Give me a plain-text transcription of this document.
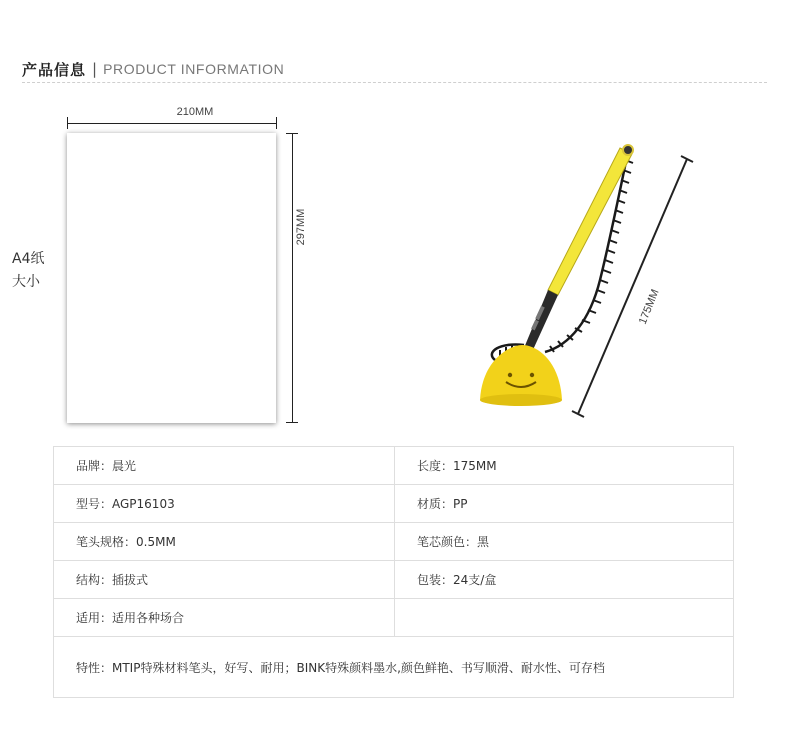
产品信息 | PRODUCT INFORMATION
A4纸
大小
210MM
297MM
175MM
品牌：晨光	长度：175MM
型号：AGP16103	材质：PP
笔头规格：0.5MM	笔芯颜色：黑
结构：插拔式	包装：24支/盒
适用：适用各种场合	
特性：MTIP特殊材料笔头，好写、耐用；BINK特殊颜料墨水,颜色鲜艳、书写顺滑、耐水性、可存档	
